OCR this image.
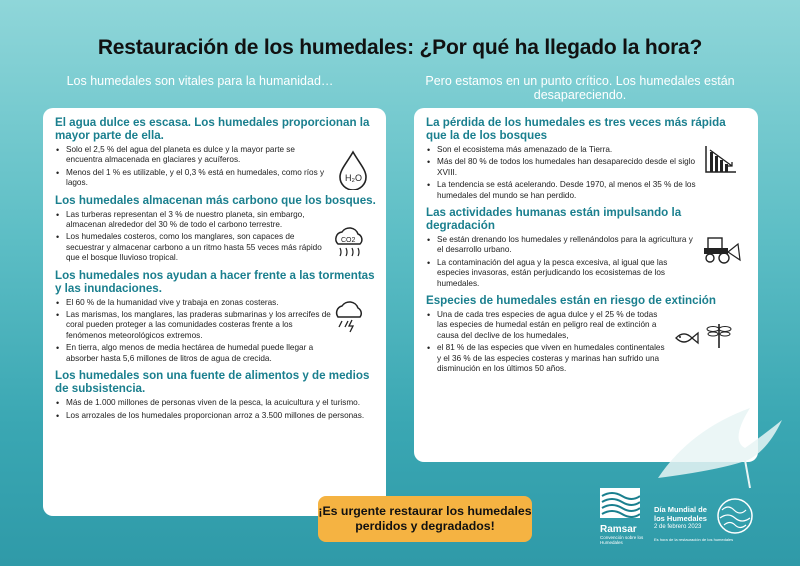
Restauración de los humedales: ¿Por qué ha llegado la hora?
Los humedales son vitales para la humanidad…	Pero estamos en un punto crítico. Los humedales están desapareciendo.
El agua dulce es escasa. Los humedales proporcionan la mayor parte de ella.
• Solo el 2,5 % del agua del planeta es dulce y la mayor parte se encuentra almacenada en glaciares y acuíferos.
• Menos del 1 % es utilizable, y el 0,3 % está en humedales, como ríos y lagos.	H₂O
Los humedales almacenan más carbono que los bosques.
• Las turberas representan el 3 % de nuestro planeta, sin embargo, almacenan alrededor del 30 % de todo el carbono terrestre.
• Los humedales costeros, como los manglares, son capaces de secuestrar y almacenar carbono a un ritmo hasta 55 veces más rápido que el bosque lluvioso tropical.
CO2
Los humedales nos ayudan a hacer frente a las tormentas y las inundaciones.
• El 60 % de la humanidad vive y trabaja en zonas costeras.
• Las marismas, los manglares, las praderas submarinas y los arrecifes de coral pueden proteger a las comunidades costeras frente a los fenómenos meteorológicos extremos.
• En tierra, algo menos de media hectárea de humedal puede llegar a absorber hasta 5,6 millones de litros de agua de crecida.
Los humedales son una fuente de alimentos y de medios de subsistencia.
• Más de 1.000 millones de personas viven de la pesca, la acuicultura y el turismo.
• Los arrozales de los humedales proporcionan arroz a 3.500 millones de personas.
La pérdida de los humedales es tres veces más rápida que la de los bosques
• Son el ecosistema más amenazado de la Tierra.
• Más del 80 % de todos los humedales han desaparecido desde el siglo XVIII.
• La tendencia se está acelerando. Desde 1970, al menos el 35 % de los humedales del mundo se han perdido.
Las actividades humanas están impulsando la degradación
• Se están drenando los humedales y rellenándolos para la agricultura y el desarrollo urbano.
• La contaminación del agua y la pesca excesiva, al igual que las especies invasoras, están perjudicando los ecosistemas de los humedales.
Especies de humedales están en riesgo de extinción
• Una de cada tres especies de agua dulce y el 25 % de todas las especies de humedal están en peligro real de extinción a causa del declive de los humedales,
• el 81 % de las especies que viven en humedales continentales y el 36 % de las especies costeras y marinas han sufrido una disminución en los últimos 50 años.
¡Es urgente restaurar los humedales perdidos y degradados!	Ramsar
Convención sobre los Humedales
Día Mundial de
los Humedales
2 de febrero 2023
Es hora de la restauración de los humedales
